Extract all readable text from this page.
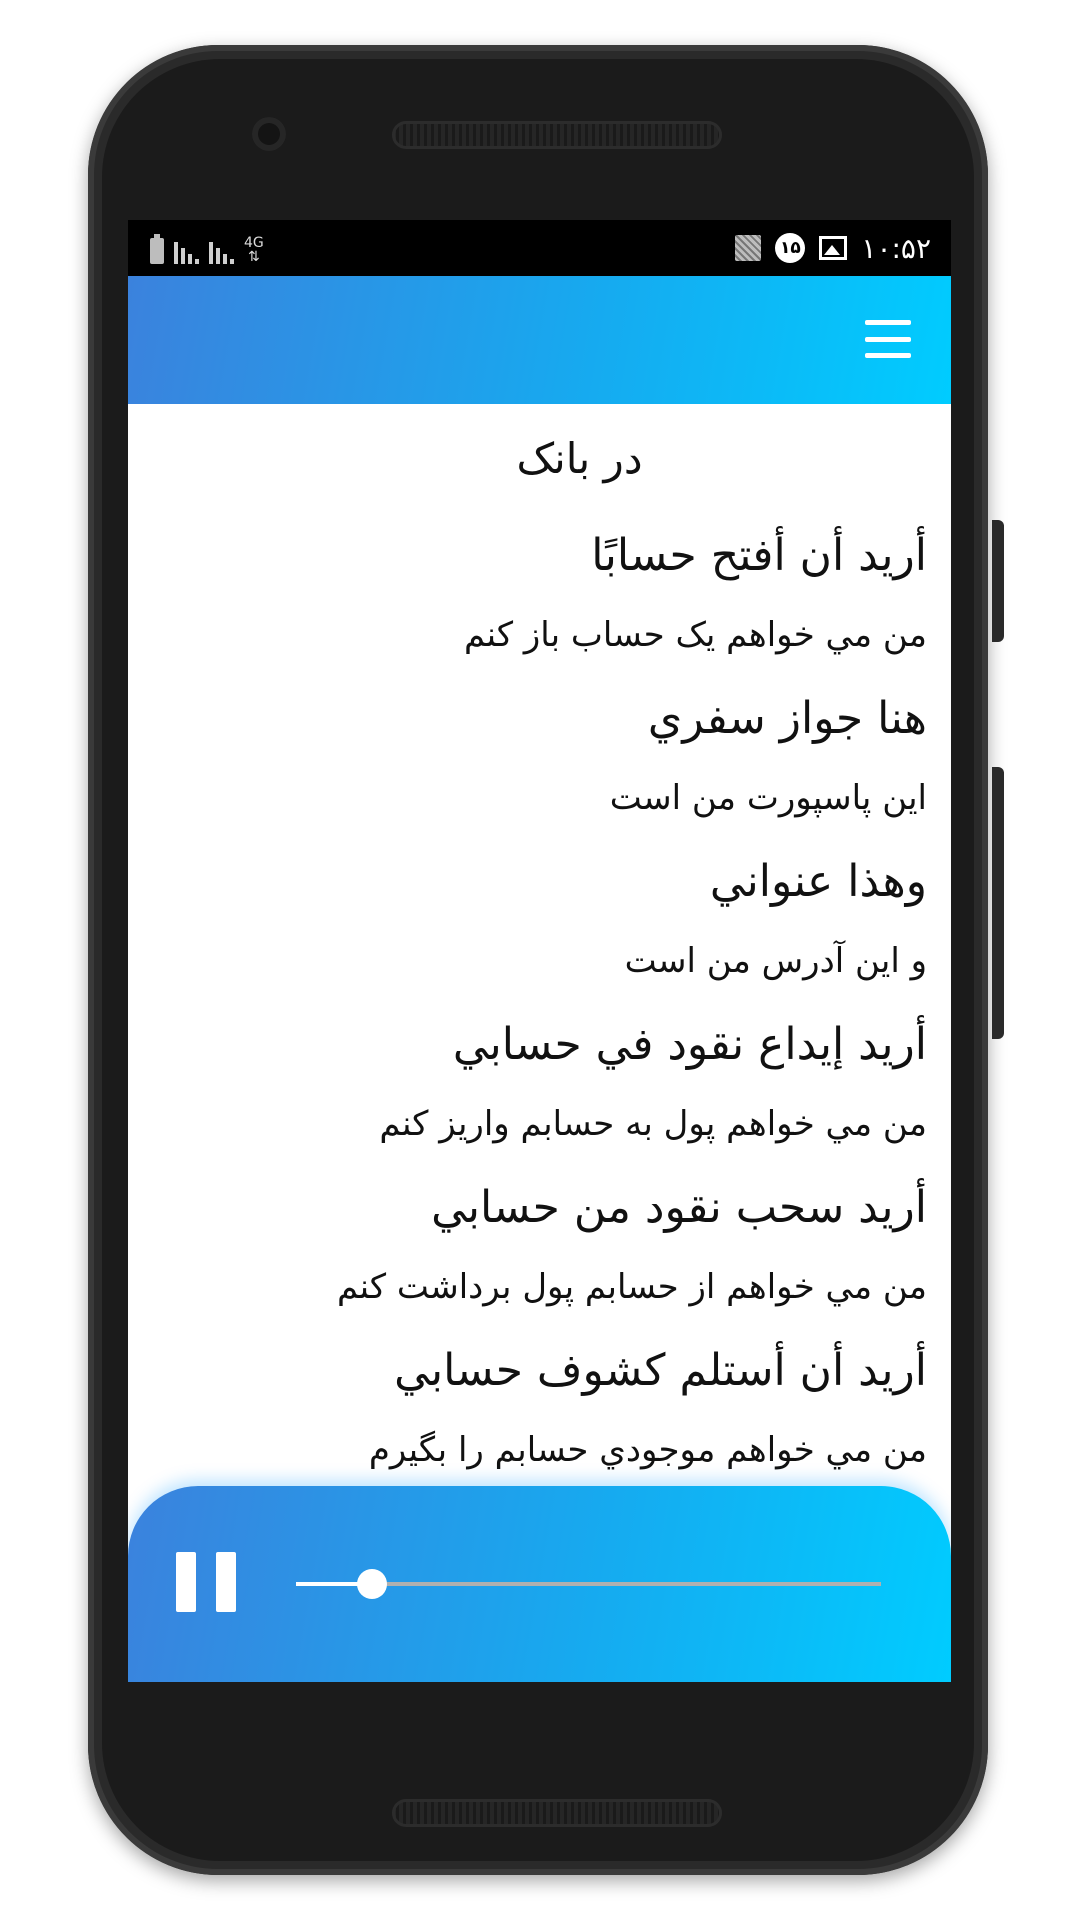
4G
⇅	۱۵ ۱۰:۵۲
در بانک
أريد أن أفتح حسابًا
من مي خواهم يک حساب باز کنم
هنا جواز سفري
اين پاسپورت من است
وهذا عنواني
و اين آدرس من است
أريد إيداع نقود في حسابي
من مي خواهم پول به حسابم واريز کنم
أريد سحب نقود من حسابي
من مي خواهم از حسابم پول برداشت کنم
أريد أن أستلم كشوف حسابي
من مي خواهم موجودي حسابم را بگيرم
